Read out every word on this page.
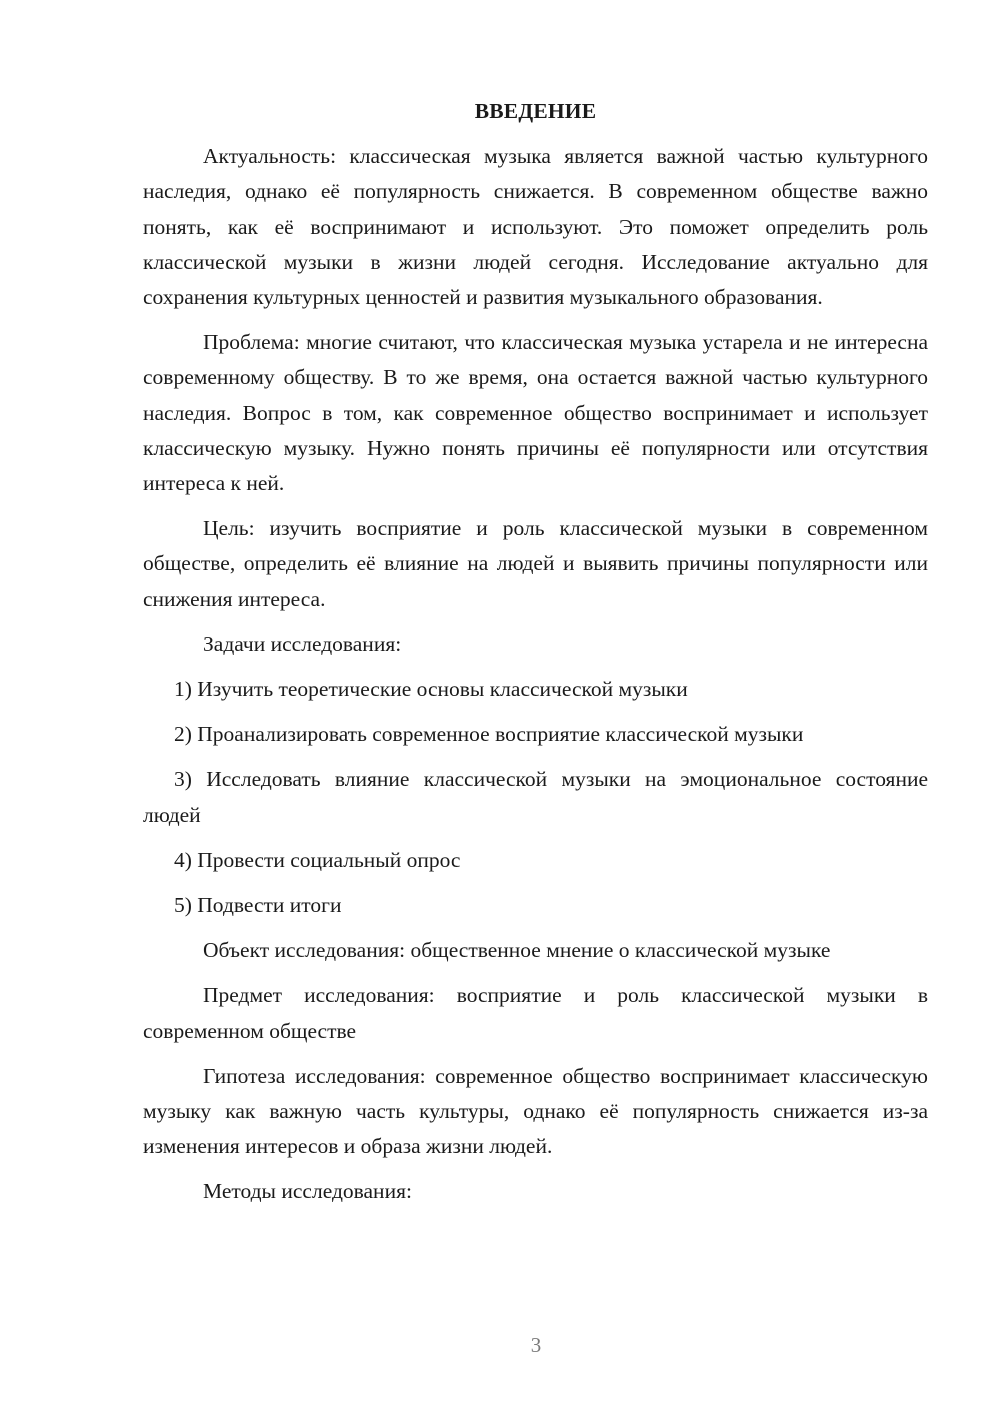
ВВЕДЕНИЕ

Актуальность: классическая музыка является важной частью культурного наследия, однако её популярность снижается. В современном обществе важно понять, как её воспринимают и используют. Это поможет определить роль классической музыки в жизни людей сегодня. Исследование актуально для сохранения культурных ценностей и развития музыкального образования.

Проблема: многие считают, что классическая музыка устарела и не интересна современному обществу. В то же время, она остается важной частью культурного наследия. Вопрос в том, как современное общество воспринимает и использует классическую музыку. Нужно понять причины её популярности или отсутствия интереса к ней.

Цель: изучить восприятие и роль классической музыки в современном обществе, определить её влияние на людей и выявить причины популярности или снижения интереса.

Задачи исследования:

1) Изучить теоретические основы классической музыки

2) Проанализировать современное восприятие классической музыки

3) Исследовать влияние классической музыки на эмоциональное состояние людей

4) Провести социальный опрос

5) Подвести итоги

Объект исследования: общественное мнение о классической музыке

Предмет исследования: восприятие и роль классической музыки в современном обществе

Гипотеза исследования: современное общество воспринимает классическую музыку как важную часть культуры, однако её популярность снижается из-за изменения интересов и образа жизни людей.

Методы исследования:

3
